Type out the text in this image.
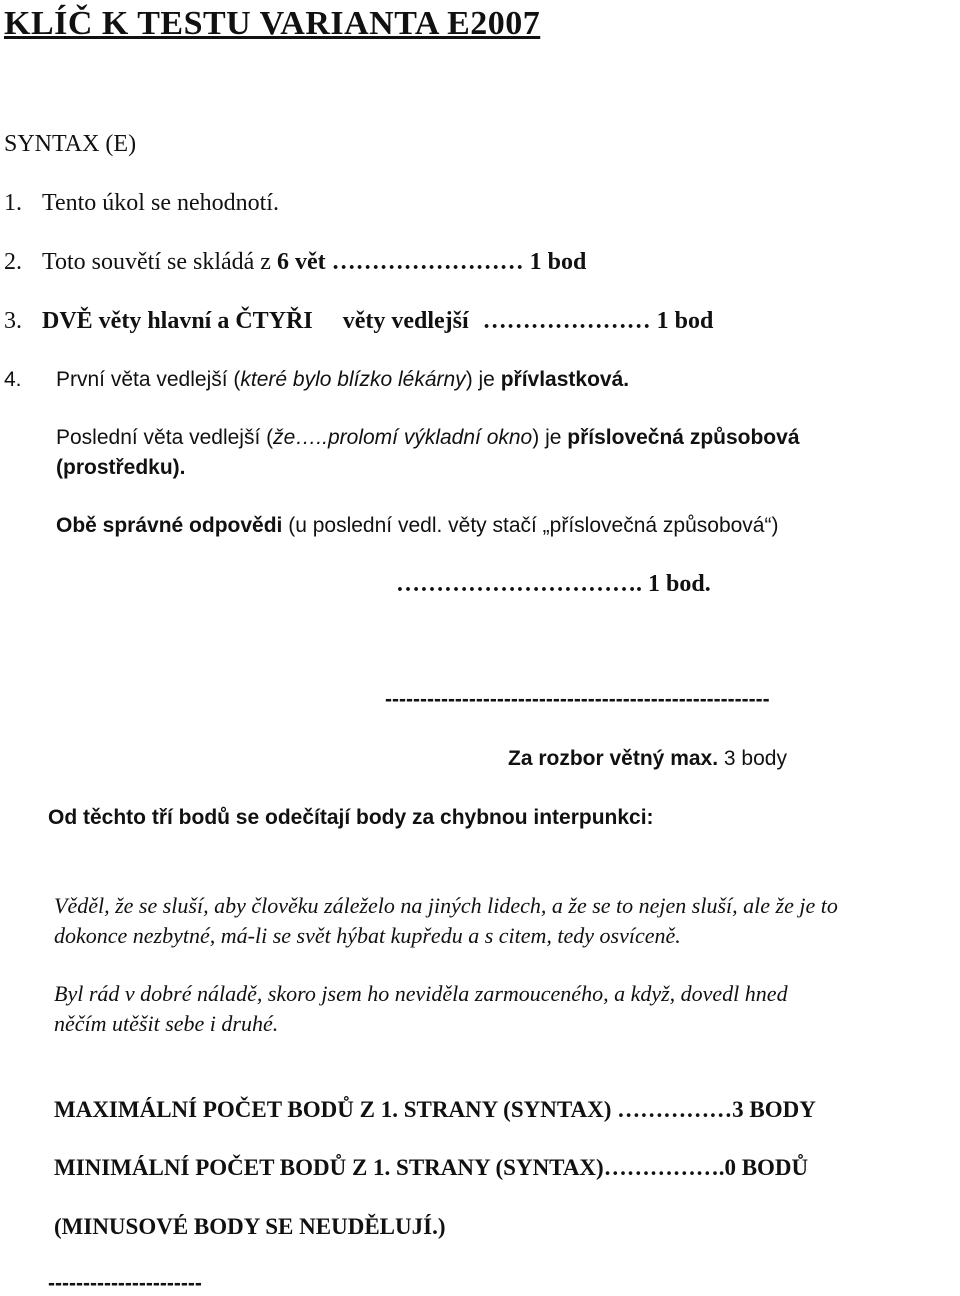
KLÍČ K TESTU VARIANTA E2007
SYNTAX (E)
1. Tento úkol se nehodnotí.
2. Toto souvětí se skládá z 6 vět …………………… 1 bod
3. DVĚ věty hlavní a ČTYŘI věty vedlejší ………………… 1 bod
4. První věta vedlejší (které bylo blízko lékárny) je přívlastková.
Poslední věta vedlejší (že…..prolomí výkladní okno) je příslovečná způsobová
(prostředku).
Obě správné odpovědi (u poslední vedl. věty stačí „příslovečná způsobová“)
…………………………. 1 bod.
-------------------------------------------------------
Za rozbor větný max. 3 body
Od těchto tří bodů se odečítají body za chybnou interpunkci:
Věděl, že se sluší, aby člověku záleželo na jiných lidech, a že se to nejen sluší, ale že je to
dokonce nezbytné, má-li se svět hýbat kupředu a s citem, tedy osvíceně.
Byl rád v dobré náladě, skoro jsem ho neviděla zarmouceného, a když, dovedl hned
něčím utěšit sebe i druhé.
MAXIMÁLNÍ POČET BODŮ Z 1. STRANY (SYNTAX) ……………3 BODY
MINIMÁLNÍ POČET BODŮ Z 1. STRANY (SYNTAX)…………….0 BODŮ
(MINUSOVÉ BODY SE NEUDĚLUJÍ.)
----------------------
